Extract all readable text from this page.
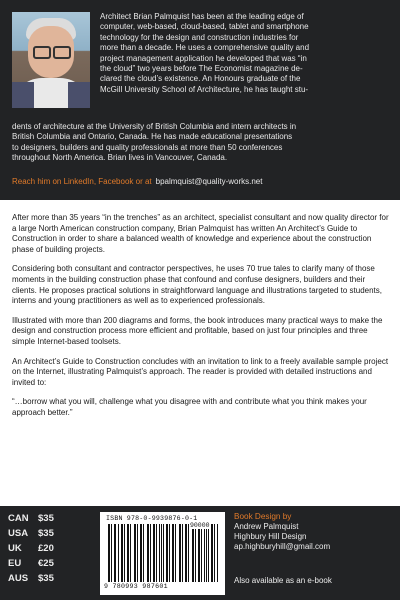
Architect Brian Palmquist has been at the leading edge of
computer, web-based, cloud-based, tablet and smartphone
technology for the design and construction industries for
more than a decade. He uses a comprehensive quality and
project management application he developed that was “in
the cloud” two years before The Economist magazine de-
clared the cloud’s existence. An Honours graduate of the
McGill University School of Architecture, he has taught stu-

dents of architecture at the University of British Columbia and intern architects in
British Columbia and Ontario, Canada. He has made educational presentations
to designers, builders and quality professionals at more than 50 conferences
throughout North America. Brian lives in Vancouver, Canada.

Reach him on LinkedIn, Facebook or at bpalmquist@quality-works.net

After more than 35 years “in the trenches” as an architect, specialist consultant and now quality director for a large North American construction company, Brian Palmquist has written An Architect’s Guide to Construction in order to share a balanced wealth of knowledge and experience about the construction phase of building projects.

Considering both consultant and contractor perspectives, he uses 70 true tales to clarify many of those moments in the building construction phase that confound and confuse designers, builders and their clients. He proposes practical solutions in straightforward language and illustrations targeted to students, interns and young practitioners as well as to experienced professionals.

Illustrated with more than 200 diagrams and forms, the book introduces many practical ways to make the design and construction process more efficient and profitable, based on just four principles and three simple Internet-based toolsets.

An Architect’s Guide to Construction concludes with an invitation to link to a freely available sample project on the Internet, illustrating Palmquist’s approach. The reader is provided with detailed instructions and invited to:

“…borrow what you will, challenge what you disagree with and contribute what you think makes your approach better.”

CAN $35
USA	$35
UK	£20
EU	€25
AUS	$35
ISBN 978-0-9939876-0-1
90000
9 780993 987601
Book Design by
Andrew Palmquist
Highbury Hill Design
ap.highburyhill@gmail.com
Also available as an e-book
